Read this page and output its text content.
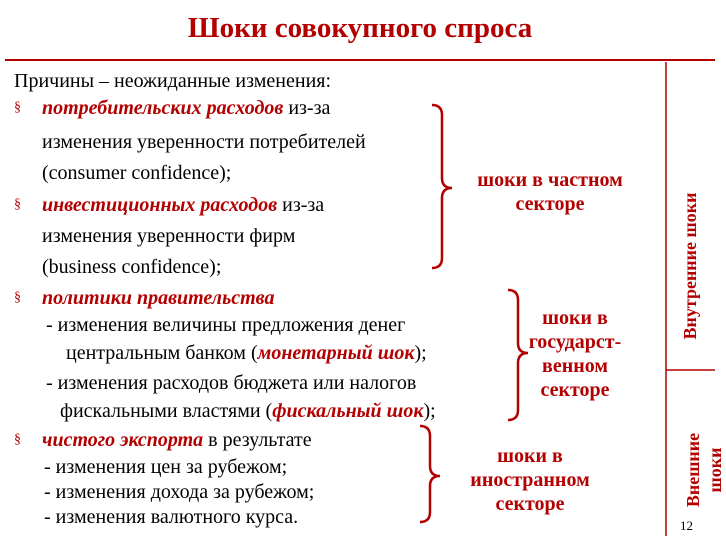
Шоки совокупного спроса
Причины – неожиданные изменения:
§ потребительских расходов из-за
изменения уверенности потребителей
(consumer confidence);
§ инвестиционных расходов из-за
изменения уверенности фирм
(business confidence);
§ политики правительства
- изменения величины предложения денег
центральным банком (монетарный шок);
- изменения расходов бюджета или налогов
фискальными властями (фискальный шок);
§ чистого экспорта в результате
- изменения цен за рубежом;
- изменения дохода за рубежом;
- изменения валютного курса.
шоки в частном
секторе
шоки в
государст-
венном
секторе
шоки в
иностранном
секторе
Внутренние шоки
Внешние шоки
12
